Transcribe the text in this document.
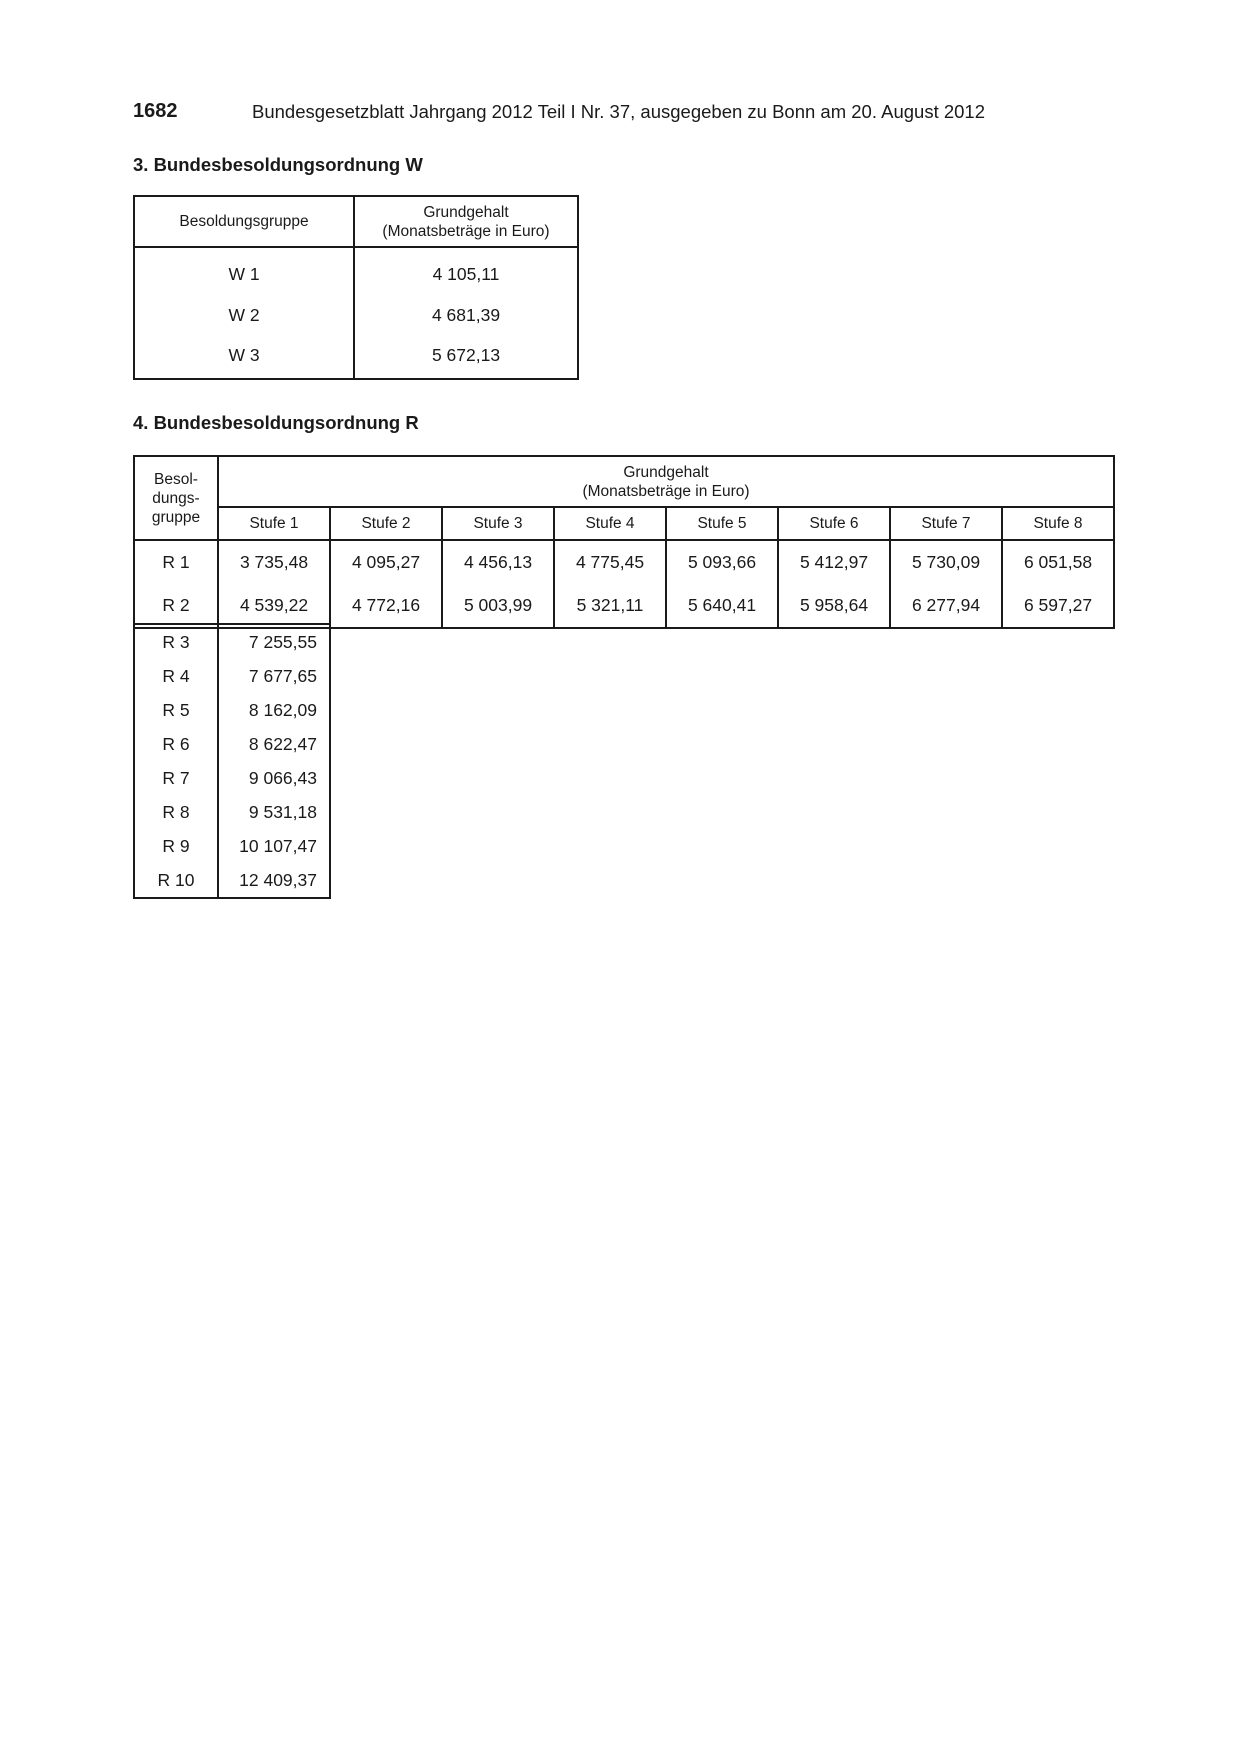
1682	Bundesgesetzblatt Jahrgang 2012 Teil I Nr. 37, ausgegeben zu Bonn am 20. August 2012
3. Bundesbesoldungsordnung W
Besoldungsgruppe	Grundgehalt
(Monatsbeträge in Euro)
W 1	4 105,11
W 2	4 681,39
W 3	5 672,13
4. Bundesbesoldungsordnung R
Besol-
dungs-
gruppe	Grundgehalt
(Monatsbeträge in Euro)							
	Stufe 1	Stufe 2	Stufe 3	Stufe 4	Stufe 5	Stufe 6	Stufe 7	Stufe 8
R 1	3 735,48	4 095,27	4 456,13	4 775,45	5 093,66	5 412,97	5 730,09	6 051,58
R 2	4 539,22	4 772,16	5 003,99	5 321,11	5 640,41	5 958,64	6 277,94	6 597,27
R 3	7 255,55
R 4	7 677,65
R 5	8 162,09
R 6	8 622,47
R 7	9 066,43
R 8	9 531,18
R 9	10 107,47
R 10	12 409,37
